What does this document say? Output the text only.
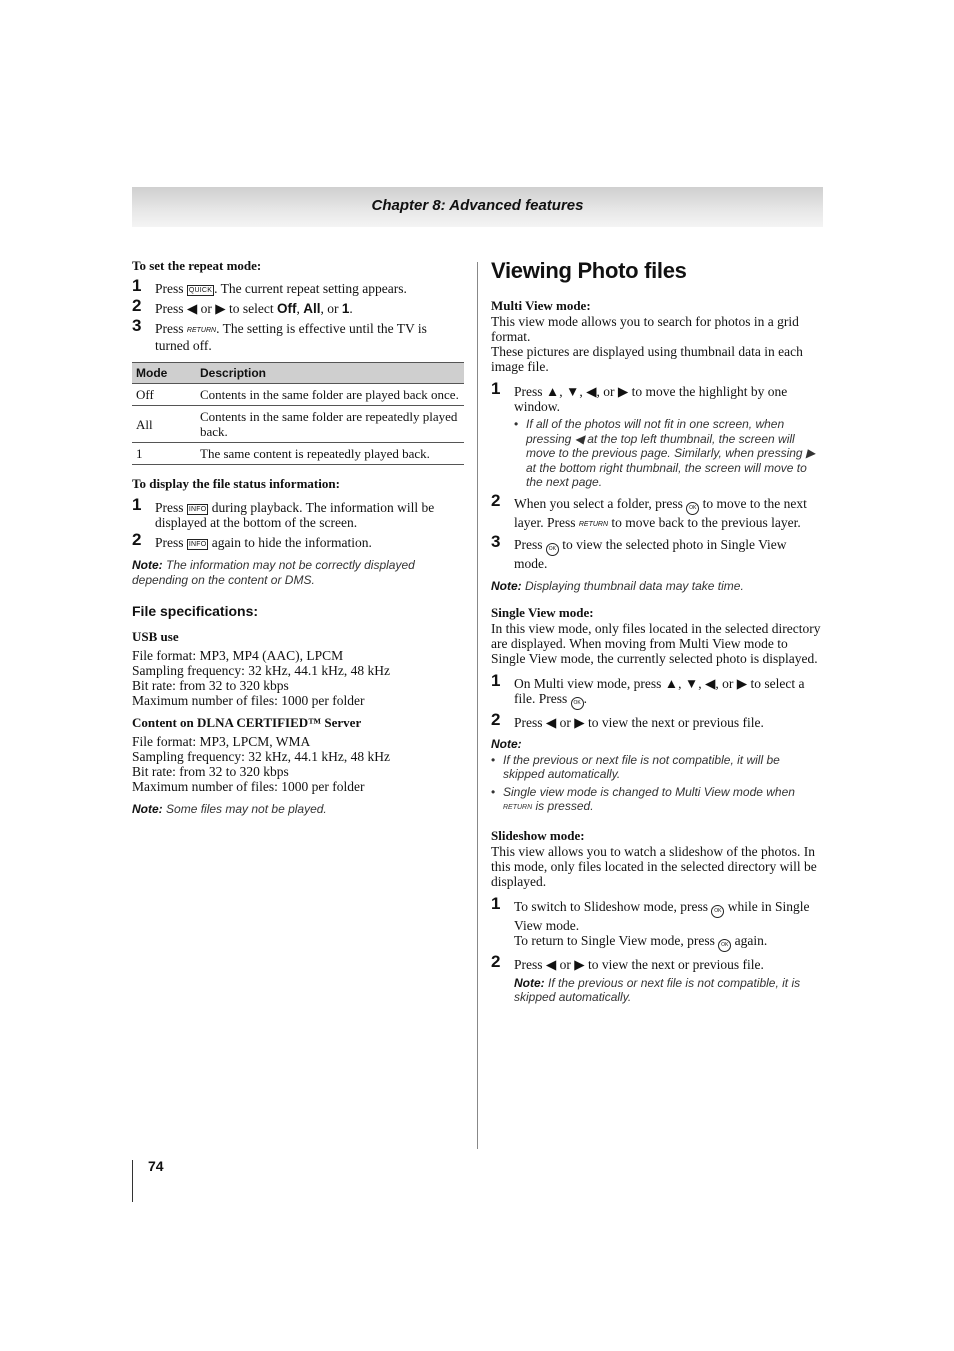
Chapter 8: Advanced features

To set the repeat mode:

1 Press QUICK . The current repeat setting appears.
2 Press ◀ or ▶ to select Off, All, or 1.
3 Press RETURN. The setting is effective until the TV is turned off.
Mode	Description
Off	Contents in the same folder are played back once.
All	Contents in the same folder are repeatedly played back.
1	The same content is repeatedly played back.

To display the file status information:

1 Press INFO during playback. The information will be displayed at the bottom of the screen.
2 Press INFO again to hide the information.
Note: The information may not be correctly displayed depending on the content or DMS.

File specifications:

USB use

File format: MP3, MP4 (AAC), LPCM
Sampling frequency: 32 kHz, 44.1 kHz, 48 kHz
Bit rate: from 32 to 320 kbps
Maximum number of files: 1000 per folder

Content on DLNA CERTIFIED™ Server

File format: MP3, LPCM, WMA
Sampling frequency: 32 kHz, 44.1 kHz, 48 kHz
Bit rate: from 32 to 320 kbps
Maximum number of files: 1000 per folder
Note: Some files may not be played.
Viewing Photo files

Multi View mode:

This view mode allows you to search for photos in a grid format.
These pictures are displayed using thumbnail data in each image file.
1 Press ▲, ▼, ◀, or ▶ to move the highlight by one window.
• If all of the photos will not fit in one screen, when pressing ◀ at the top left thumbnail, the screen will move to the previous page. Similarly, when pressing ▶ at the bottom right thumbnail, the screen will move to the next page.
2 When you select a folder, press OK to move to the next layer. Press RETURN to move back to the previous layer.
3 Press OK to view the selected photo in Single View mode.
Note: Displaying thumbnail data may take time.

Single View mode:

In this view mode, only files located in the selected directory are displayed. When moving from Multi View mode to Single View mode, the currently selected photo is displayed.
1 On Multi view mode, press ▲, ▼, ◀, or ▶ to select a file. Press OK .
2 Press ◀ or ▶ to view the next or previous file.
Note:
• If the previous or next file is not compatible, it will be skipped automatically.
• Single view mode is changed to Multi View mode when RETURN is pressed.

Slideshow mode:

This view allows you to watch a slideshow of the photos. In this mode, only files located in the selected directory will be displayed.
1 To switch to Slideshow mode, press OK while in Single View mode.
To return to Single View mode, press OK again.
2 Press ◀ or ▶ to view the next or previous file.
Note: If the previous or next file is not compatible, it is skipped automatically.
74
